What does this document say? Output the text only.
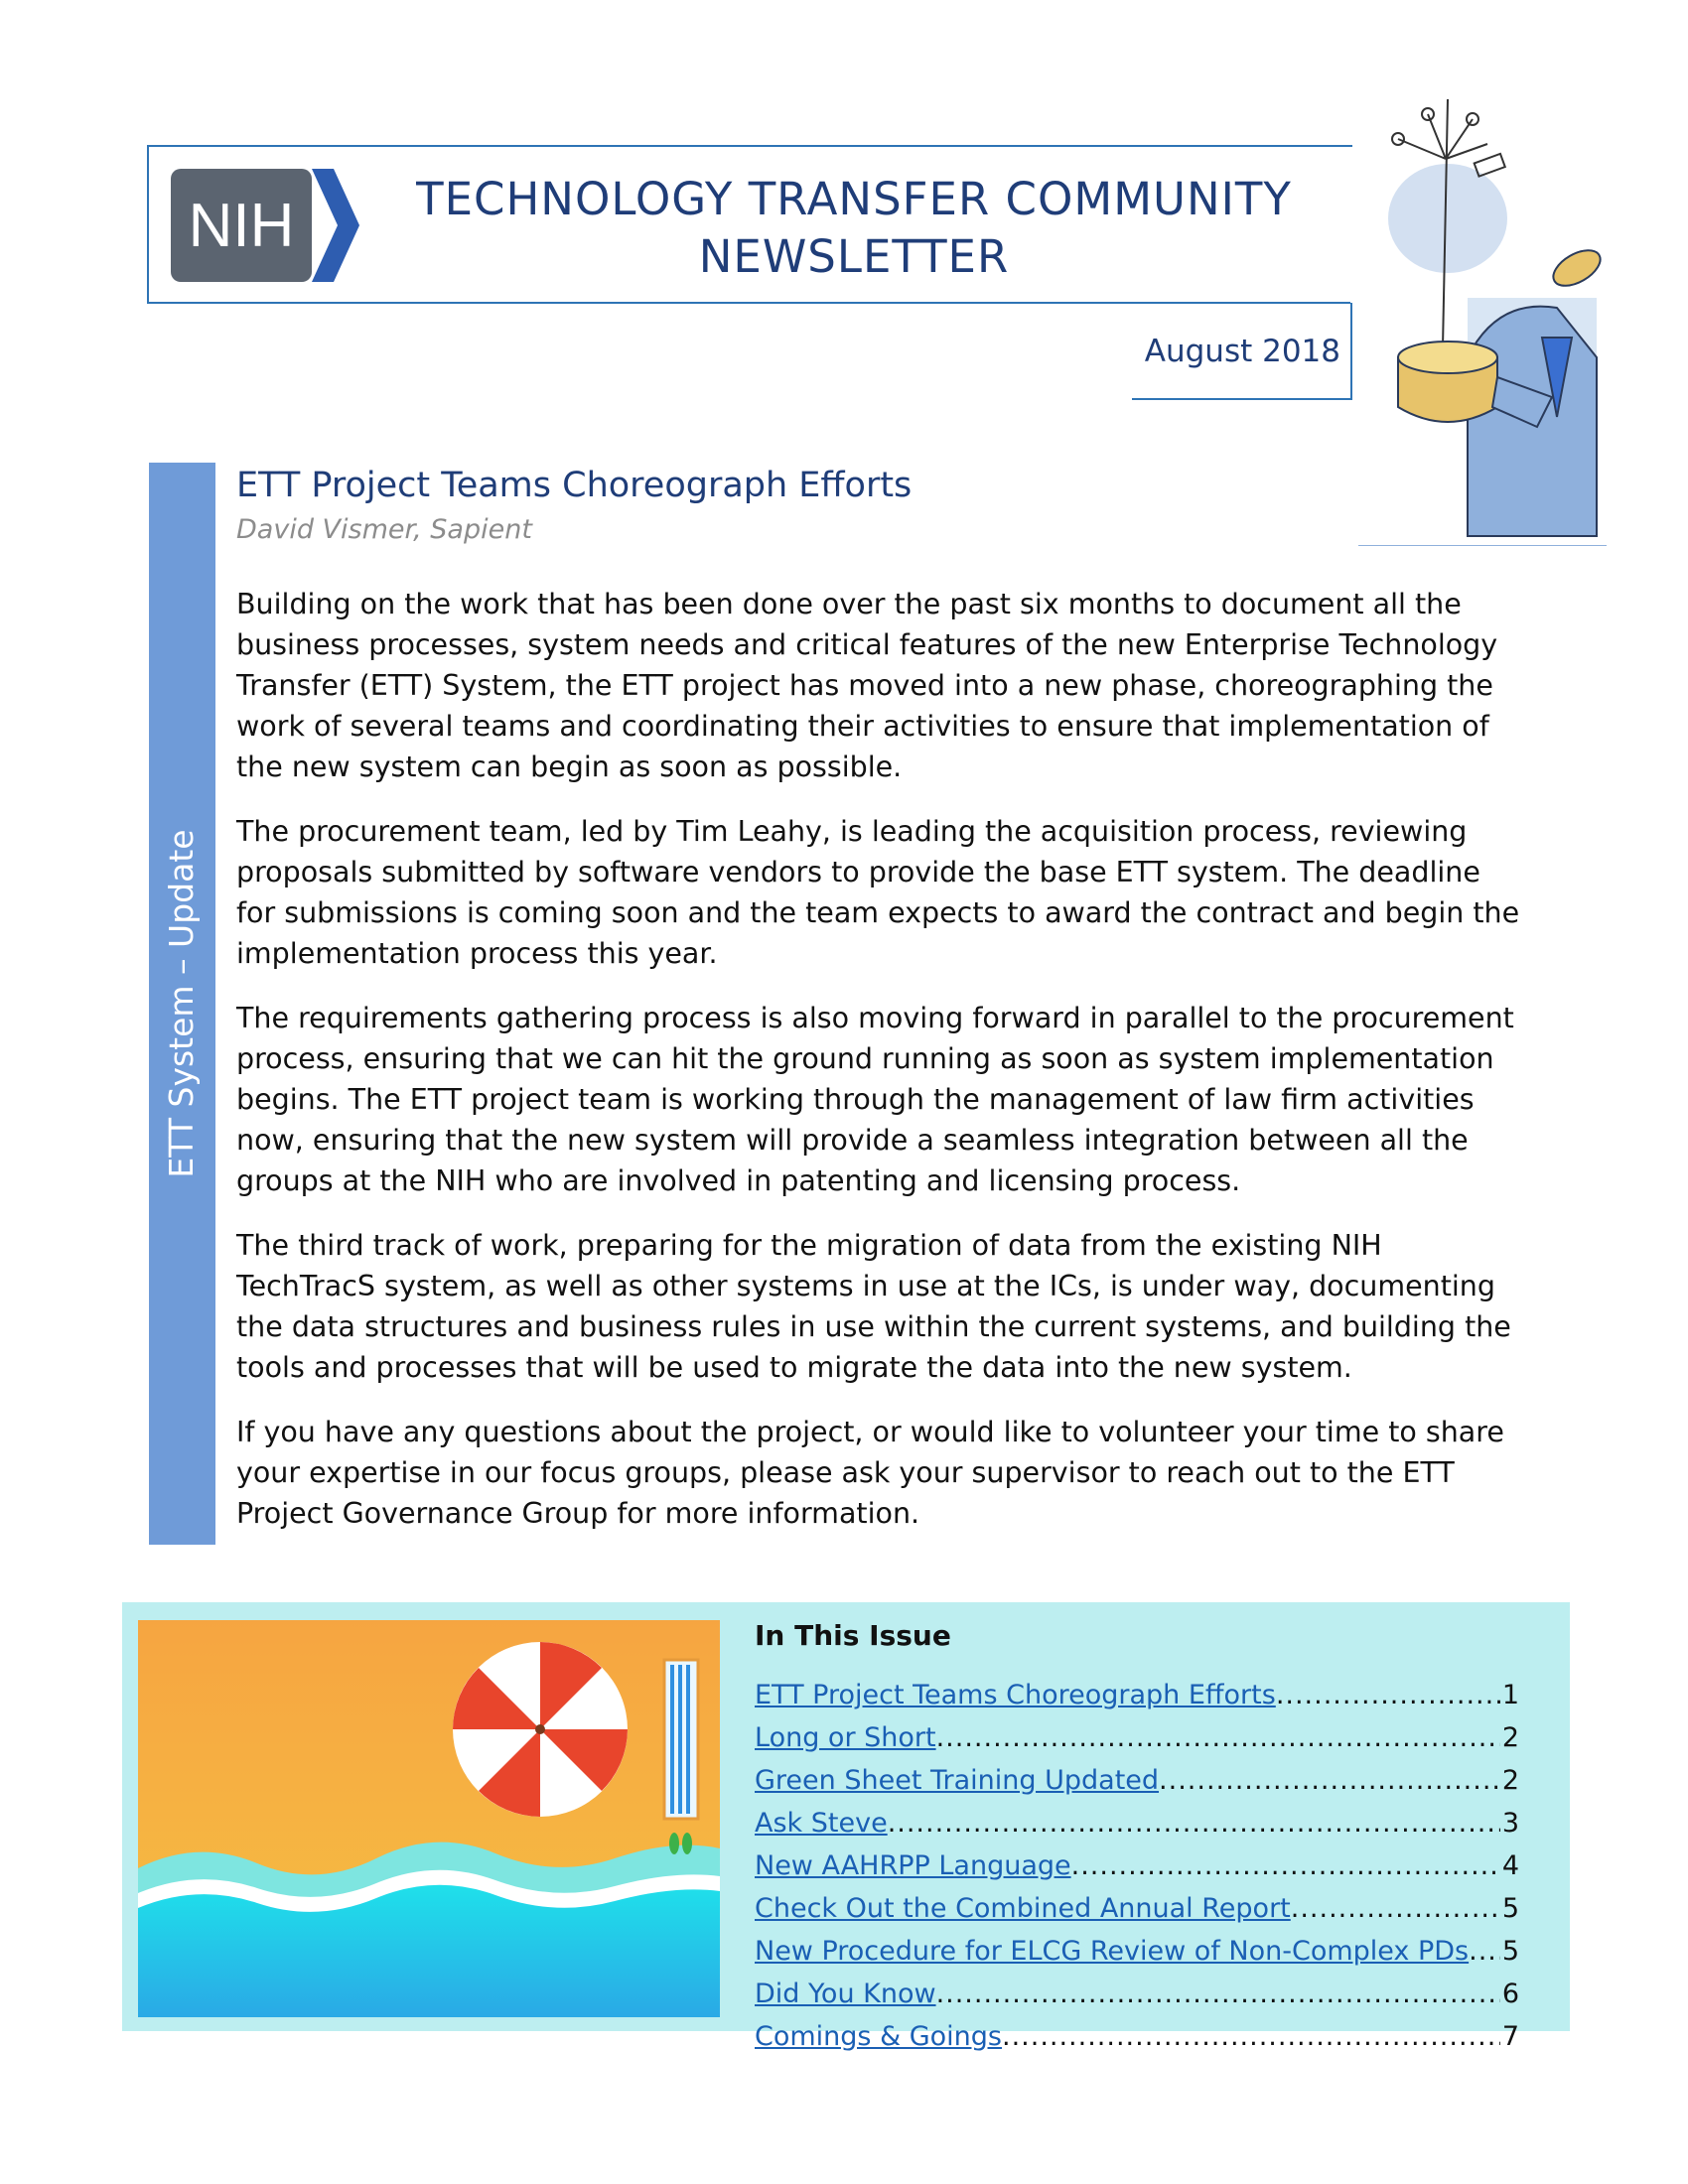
NIH	TECHNOLOGY TRANSFER COMMUNITY
NEWSLETTER
August 2018
ETT System – Update
ETT Project Teams Choreograph Efforts
David Vismer, Sapient

Building on the work that has been done over the past six months to document all the business processes, system needs and critical features of the new Enterprise Technology Transfer (ETT) System, the ETT project has moved into a new phase, choreographing the work of several teams and coordinating their activities to ensure that implementation of the new system can begin as soon as possible.

The procurement team, led by Tim Leahy, is leading the acquisition process, reviewing proposals submitted by software vendors to provide the base ETT system. The deadline for submissions is coming soon and the team expects to award the contract and begin the implementation process this year.

The requirements gathering process is also moving forward in parallel to the procurement process, ensuring that we can hit the ground running as soon as system implementation begins. The ETT project team is working through the management of law firm activities now, ensuring that the new system will provide a seamless integration between all the groups at the NIH who are involved in patenting and licensing process.

The third track of work, preparing for the migration of data from the existing NIH TechTracS system, as well as other systems in use at the ICs, is under way, documenting the data structures and business rules in use within the current systems, and building the tools and processes that will be used to migrate the data into the new system.

If you have any questions about the project, or would like to volunteer your time to share your expertise in our focus groups, please ask your supervisor to reach out to the ETT Project Governance Group for more information.

In This Issue
ETT Project Teams Choreograph Efforts .....	1
Long or Short .....	2
Green Sheet Training Updated .....	2
Ask Steve .....	3
New AAHRPP Language .....	4
Check Out the Combined Annual Report .....	5
New Procedure for ELCG Review of Non-Complex PDs ..... 5
Did You Know .....	6
Comings & Goings .....	7
